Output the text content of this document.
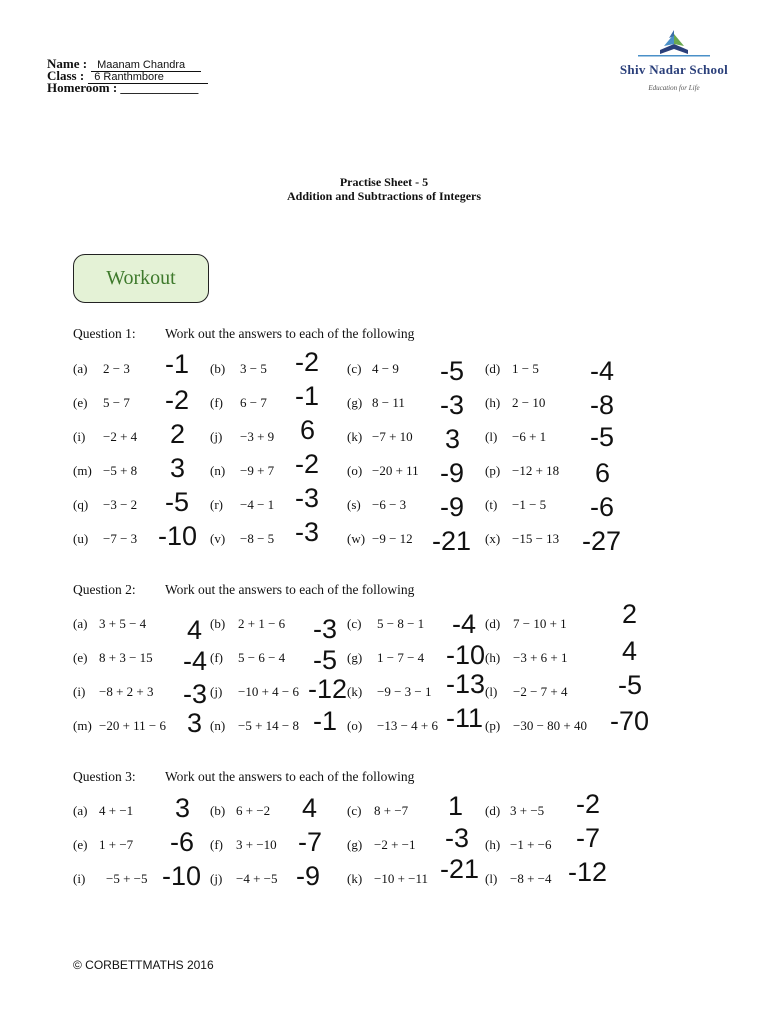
Name : Maanam Chandra
Class : 6 Ranthmbore
Homeroom : ____________
Shiv Nadar School
Education for Life
Practise Sheet - 5
Addition and Subtractions of Integers
Workout
Question 1: Work out the answers to each of the following
(a) 2 − 3 -1 (b) 3 − 5 -2 (c) 4 − 9 -5 (d) 1 − 5 -4
(e) 5 − 7 -2 (f) 6 − 7 -1 (g) 8 − 11 -3 (h) 2 − 10 -8
(i) −2 + 4 2 (j) −3 + 9 6 (k) −7 + 10 3 (l) −6 + 1 -5
(m) −5 + 8 3 (n) −9 + 7 -2 (o) −20 + 11 -9 (p) −12 + 18 6
(q) −3 − 2 -5 (r) −4 − 1 -3 (s) −6 − 3 -9 (t) −1 − 5 -6
(u) −7 − 3 -10 (v) −8 − 5 -3 (w) −9 − 12 -21 (x) −15 − 13 -27
Question 2: Work out the answers to each of the following
(a) 3 + 5 − 4 4 (b) 2 + 1 − 6 -3 (c) 5 − 8 − 1 -4 (d) 7 − 10 + 1 2
(e) 8 + 3 − 15 -4 (f) 5 − 6 − 4 -5 (g) 1 − 7 − 4 -10 (h) −3 + 6 + 1 4
(i) −8 + 2 + 3 -3 (j) −10 + 4 − 6 -12 (k) −9 − 3 − 1 -13 (l) −2 − 7 + 4 -5
(m) −20 + 11 − 6 3 (n) −5 + 14 − 8 -1 (o) −13 − 4 + 6 -11 (p) −30 − 80 + 40 -70
Question 3: Work out the answers to each of the following
(a) 4 + −1 3 (b) 6 + −2 4 (c) 8 + −7 1 (d) 3 + −5 -2
(e) 1 + −7 -6 (f) 3 + −10 -7 (g) −2 + −1 -3 (h) −1 + −6 -7
(i) −5 + −5 -10 (j) −4 + −5 -9 (k) −10 + −11 -21 (l) −8 + −4 -12
© CORBETTMATHS 2016
